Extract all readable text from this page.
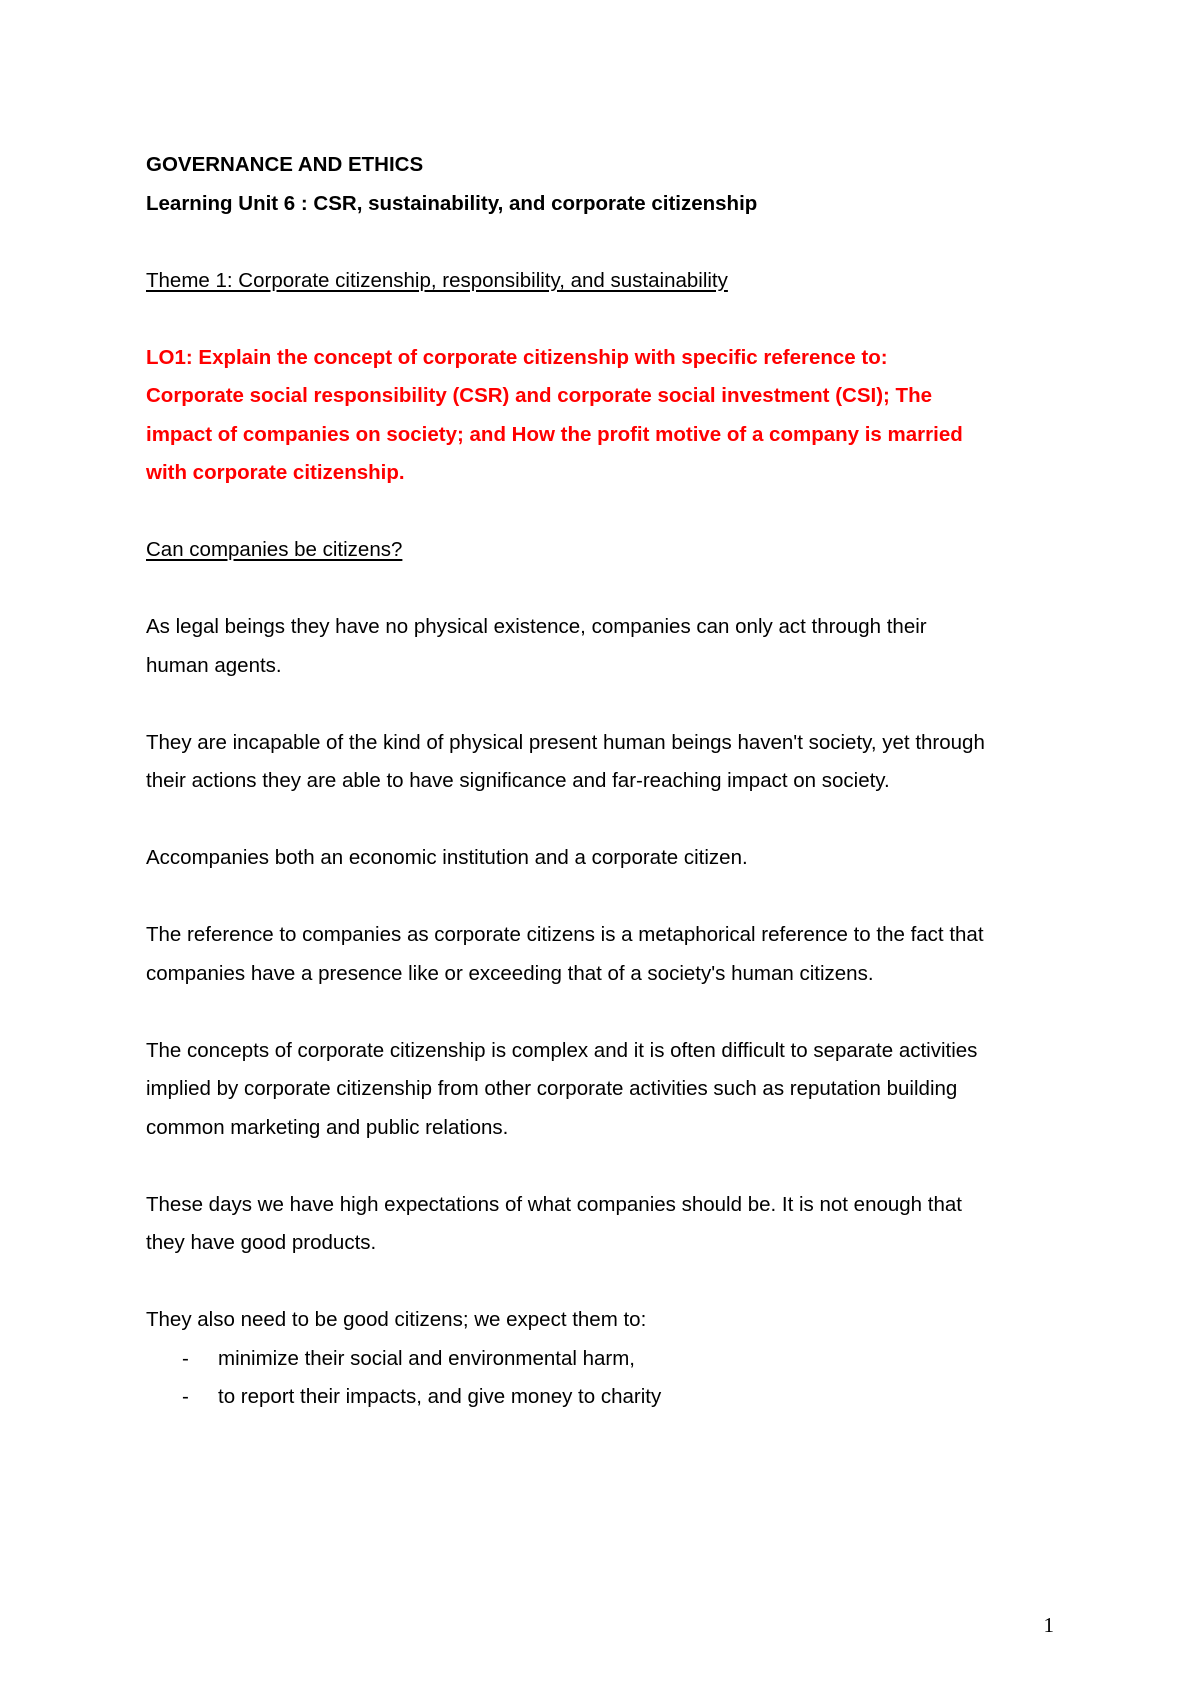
GOVERNANCE AND ETHICS

Learning Unit 6 : CSR, sustainability, and corporate citizenship

Theme 1: Corporate citizenship, responsibility, and sustainability

LO1: Explain the concept of corporate citizenship with specific reference to:

Corporate social responsibility (CSR) and corporate social investment (CSI); The

impact of companies on society; and How the profit motive of a company is married

with corporate citizenship.

Can companies be citizens?

As legal beings they have no physical existence, companies can only act through their

human agents.

They are incapable of the kind of physical present human beings haven't society, yet through

their actions they are able to have significance and far-reaching impact on society.

Accompanies both an economic institution and a corporate citizen.

The reference to companies as corporate citizens is a metaphorical reference to the fact that

companies have a presence like or exceeding that of a society's human citizens.

The concepts of corporate citizenship is complex and it is often difficult to separate activities

implied by corporate citizenship from other corporate activities such as reputation building

common marketing and public relations.

These days we have high expectations of what companies should be. It is not enough that

they have good products.

They also need to be good citizens; we expect them to:

- minimize their social and environmental harm,
- to report their impacts, and give money to charity
1
